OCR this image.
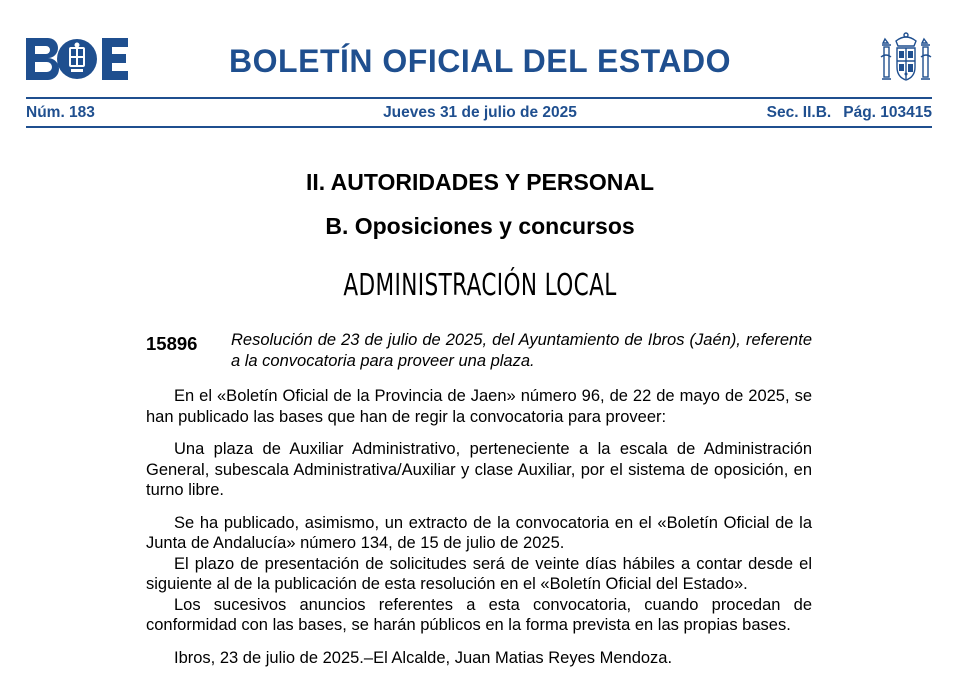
BOLETÍN OFICIAL DEL ESTADO
Núm. 183	Jueves 31 de julio de 2025	Sec. II.B. Pág. 103415
II. AUTORIDADES Y PERSONAL
B. Oposiciones y concursos
ADMINISTRACIÓN LOCAL
15896 Resolución de 23 de julio de 2025, del Ayuntamiento de Ibros (Jaén), referente a la convocatoria para proveer una plaza.

En el «Boletín Oficial de la Provincia de Jaen» número 96, de 22 de mayo de 2025, se han publicado las bases que han de regir la convocatoria para proveer:

Una plaza de Auxiliar Administrativo, perteneciente a la escala de Administración General, subescala Administrativa/Auxiliar y clase Auxiliar, por el sistema de oposición, en turno libre.

Se ha publicado, asimismo, un extracto de la convocatoria en el «Boletín Oficial de la Junta de Andalucía» número 134, de 15 de julio de 2025.

El plazo de presentación de solicitudes será de veinte días hábiles a contar desde el siguiente al de la publicación de esta resolución en el «Boletín Oficial del Estado».

Los sucesivos anuncios referentes a esta convocatoria, cuando procedan de conformidad con las bases, se harán públicos en la forma prevista en las propias bases.

Ibros, 23 de julio de 2025.–El Alcalde, Juan Matias Reyes Mendoza.
